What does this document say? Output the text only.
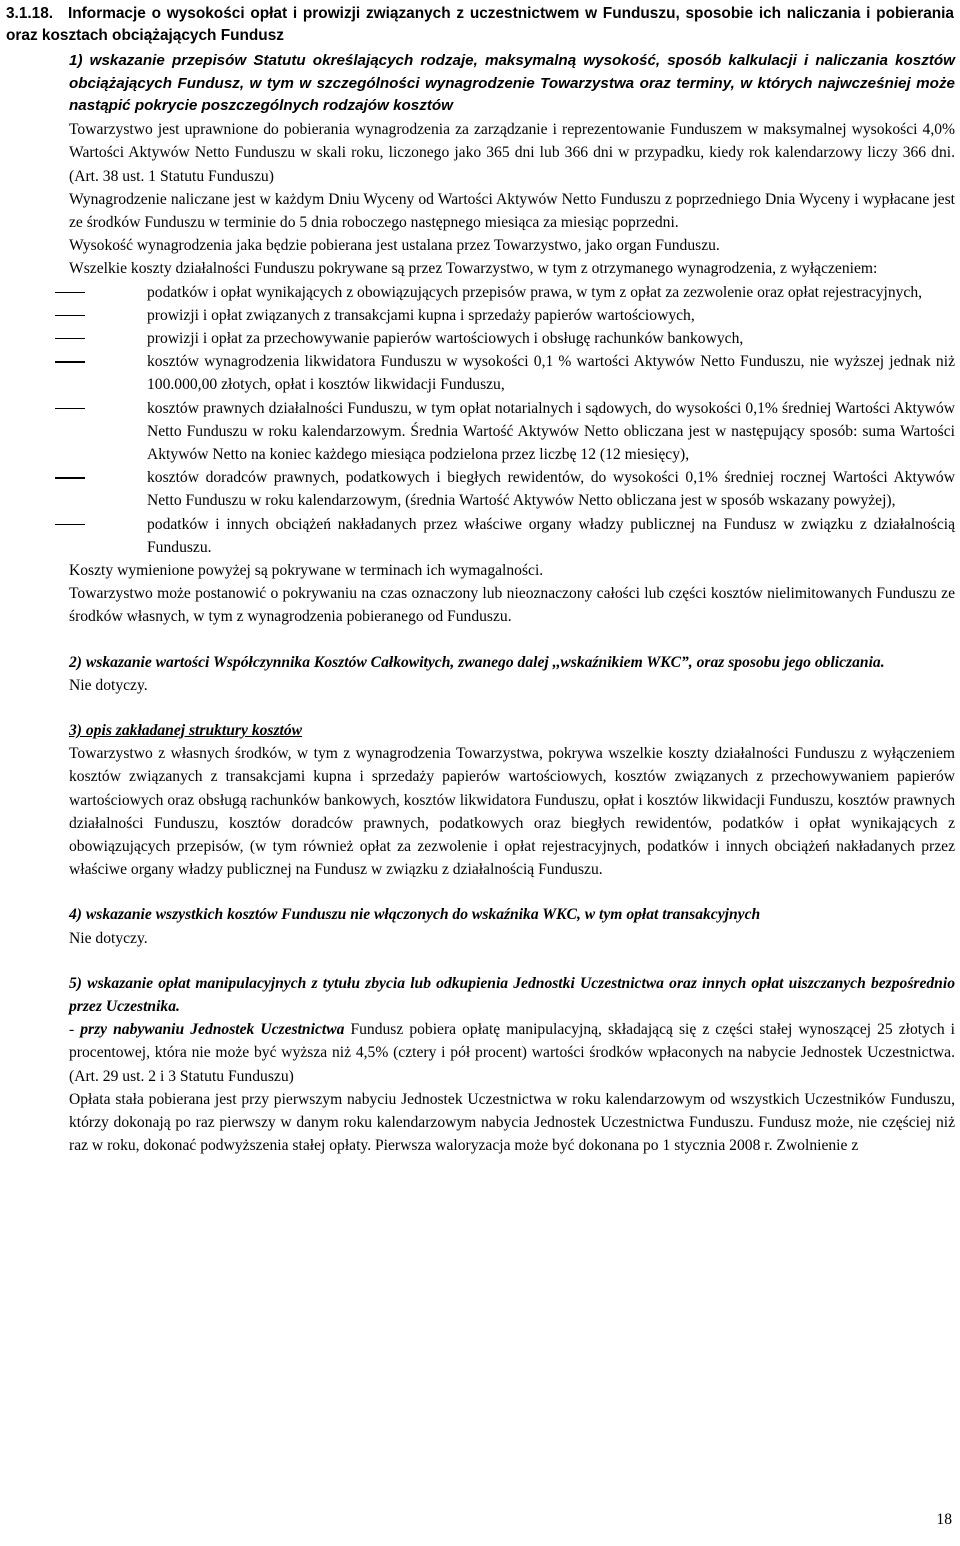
3.1.18. Informacje o wysokości opłat i prowizji związanych z uczestnictwem w Funduszu, sposobie ich naliczania i pobierania oraz kosztach obciążających Fundusz

1) wskazanie przepisów Statutu określających rodzaje, maksymalną wysokość, sposób kalkulacji i naliczania kosztów obciążających Fundusz, w tym w szczególności wynagrodzenie Towarzystwa oraz terminy, w których najwcześniej może nastąpić pokrycie poszczególnych rodzajów kosztów

Towarzystwo jest uprawnione do pobierania wynagrodzenia za zarządzanie i reprezentowanie Funduszem w maksymalnej wysokości 4,0% Wartości Aktywów Netto Funduszu w skali roku, liczonego jako 365 dni lub 366 dni w przypadku, kiedy rok kalendarzowy liczy 366 dni. (Art. 38 ust. 1 Statutu Funduszu)

Wynagrodzenie naliczane jest w każdym Dniu Wyceny od Wartości Aktywów Netto Funduszu z poprzedniego Dnia Wyceny i wypłacane jest ze środków Funduszu w terminie do 5 dnia roboczego następnego miesiąca za miesiąc poprzedni.

Wysokość wynagrodzenia jaka będzie pobierana jest ustalana przez Towarzystwo, jako organ Funduszu.

Wszelkie koszty działalności Funduszu pokrywane są przez Towarzystwo, w tym z otrzymanego wynagrodzenia, z wyłączeniem:

podatków i opłat wynikających z obowiązujących przepisów prawa, w tym z opłat za zezwolenie oraz opłat rejestracyjnych,
prowizji i opłat związanych z transakcjami kupna i sprzedaży papierów wartościowych,
prowizji i opłat za przechowywanie papierów wartościowych i obsługę rachunków bankowych,
kosztów wynagrodzenia likwidatora Funduszu w wysokości 0,1 % wartości Aktywów Netto Funduszu, nie wyższej jednak niż 100.000,00 złotych, opłat i kosztów likwidacji Funduszu,
kosztów prawnych działalności Funduszu, w tym opłat notarialnych i sądowych, do wysokości 0,1% średniej Wartości Aktywów Netto Funduszu w roku kalendarzowym. Średnia Wartość Aktywów Netto obliczana jest w następujący sposób: suma Wartości Aktywów Netto na koniec każdego miesiąca podzielona przez liczbę 12 (12 miesięcy),
kosztów doradców prawnych, podatkowych i biegłych rewidentów, do wysokości 0,1% średniej rocznej Wartości Aktywów Netto Funduszu w roku kalendarzowym, (średnia Wartość Aktywów Netto obliczana jest w sposób wskazany powyżej),
podatków i innych obciążeń nakładanych przez właściwe organy władzy publicznej na Fundusz w związku z działalnością Funduszu.

Koszty wymienione powyżej są pokrywane w terminach ich wymagalności.

Towarzystwo może postanowić o pokrywaniu na czas oznaczony lub nieoznaczony całości lub części kosztów nielimitowanych Funduszu ze środków własnych, w tym z wynagrodzenia pobieranego od Funduszu.

2) wskazanie wartości Współczynnika Kosztów Całkowitych, zwanego dalej ,,wskaźnikiem WKC”, oraz sposobu jego obliczania.

Nie dotyczy.

3) opis zakładanej struktury kosztów

Towarzystwo z własnych środków, w tym z wynagrodzenia Towarzystwa, pokrywa wszelkie koszty działalności Funduszu z wyłączeniem kosztów związanych z transakcjami kupna i sprzedaży papierów wartościowych, kosztów związanych z przechowywaniem papierów wartościowych oraz obsługą rachunków bankowych, kosztów likwidatora Funduszu, opłat i kosztów likwidacji Funduszu, kosztów prawnych działalności Funduszu, kosztów doradców prawnych, podatkowych oraz biegłych rewidentów, podatków i opłat wynikających z obowiązujących przepisów, (w tym również opłat za zezwolenie i opłat rejestracyjnych, podatków i innych obciążeń nakładanych przez właściwe organy władzy publicznej na Fundusz w związku z działalnością Funduszu.

4) wskazanie wszystkich kosztów Funduszu nie włączonych do wskaźnika WKC, w tym opłat transakcyjnych

Nie dotyczy.

5) wskazanie opłat manipulacyjnych z tytułu zbycia lub odkupienia Jednostki Uczestnictwa oraz innych opłat uiszczanych bezpośrednio przez Uczestnika.

- przy nabywaniu Jednostek Uczestnictwa Fundusz pobiera opłatę manipulacyjną, składającą się z części stałej wynoszącej 25 złotych i procentowej, która nie może być wyższa niż 4,5% (cztery i pół procent) wartości środków wpłaconych na nabycie Jednostek Uczestnictwa. (Art. 29 ust. 2 i 3 Statutu Funduszu)

Opłata stała pobierana jest przy pierwszym nabyciu Jednostek Uczestnictwa w roku kalendarzowym od wszystkich Uczestników Funduszu, którzy dokonają po raz pierwszy w danym roku kalendarzowym nabycia Jednostek Uczestnictwa Funduszu. Fundusz może, nie częściej niż raz w roku, dokonać podwyższenia stałej opłaty. Pierwsza waloryzacja może być dokonana po 1 stycznia 2008 r. Zwolnienie z

18
